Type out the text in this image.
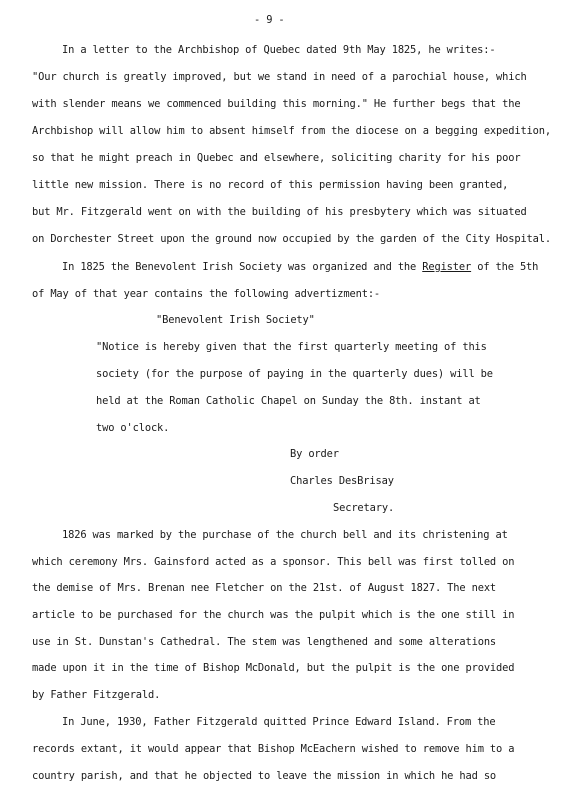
- 9 -
In a letter to the Archbishop of Quebec dated 9th May 1825, he writes:-
"Our church is greatly improved, but we stand in need of a parochial house, which
with slender means we commenced building this morning." He further begs that the
Archbishop will allow him to absent himself from the diocese on a begging expedition,
so that he might preach in Quebec and elsewhere, soliciting charity for his poor
little new mission. There is no record of this permission having been granted,
but Mr. Fitzgerald went on with the building of his presbytery which was situated
on Dorchester Street upon the ground now occupied by the garden of the City Hospital.
In 1825 the Benevolent Irish Society was organized and the Register of the 5th
of May of that year contains the following advertizment:-
"Benevolent Irish Society"
"Notice is hereby given that the first quarterly meeting of this
society (for the purpose of paying in the quarterly dues) will be
held at the Roman Catholic Chapel on Sunday the 8th. instant at
two o'clock.
By order
Charles DesBrisay
Secretary.
1826 was marked by the purchase of the church bell and its christening at
which ceremony Mrs. Gainsford acted as a sponsor. This bell was first tolled on
the demise of Mrs. Brenan nee Fletcher on the 21st. of August 1827. The next
article to be purchased for the church was the pulpit which is the one still in
use in St. Dunstan's Cathedral. The stem was lengthened and some alterations
made upon it in the time of Bishop McDonald, but the pulpit is the one provided
by Father Fitzgerald.
In June, 1930, Father Fitzgerald quitted Prince Edward Island. From the
records extant, it would appear that Bishop McEachern wished to remove him to a
country parish, and that he objected to leave the mission in which he had so
